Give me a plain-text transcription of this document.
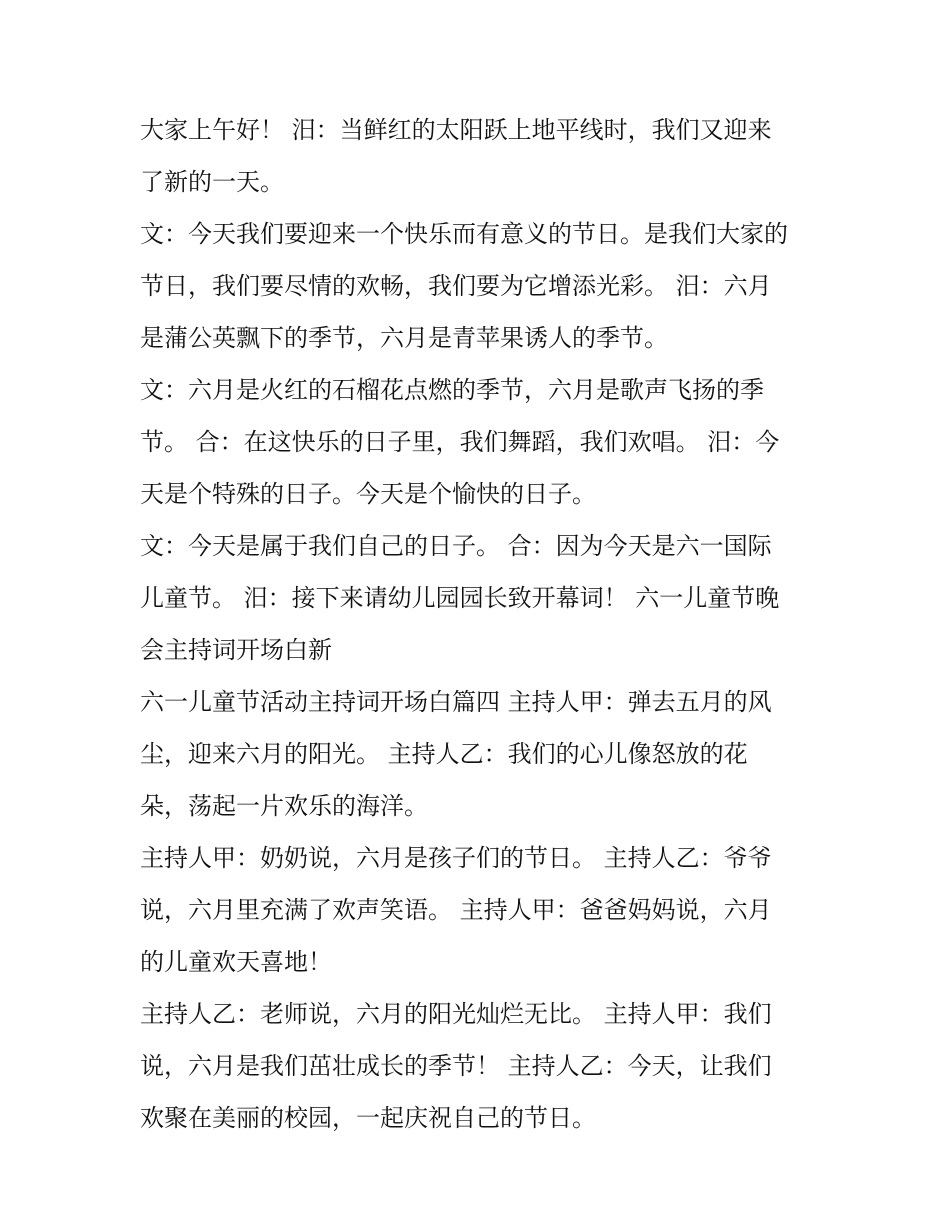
大家上午好！ 汨：当鲜红的太阳跃上地平线时，我们又迎来
了新的一天。
文：今天我们要迎来一个快乐而有意义的节日。是我们大家的
节日，我们要尽情的欢畅，我们要为它增添光彩。 汨：六月
是蒲公英飘下的季节，六月是青苹果诱人的季节。
文：六月是火红的石榴花点燃的季节，六月是歌声飞扬的季
节。 合：在这快乐的日子里，我们舞蹈，我们欢唱。 汨：今
天是个特殊的日子。今天是个愉快的日子。
文：今天是属于我们自己的日子。 合：因为今天是六一国际
儿童节。 汨：接下来请幼儿园园长致开幕词！ 六一儿童节晚
会主持词开场白新
六一儿童节活动主持词开场白篇四 主持人甲：弹去五月的风
尘，迎来六月的阳光。 主持人乙：我们的心儿像怒放的花
朵，荡起一片欢乐的海洋。
主持人甲：奶奶说，六月是孩子们的节日。 主持人乙：爷爷
说，六月里充满了欢声笑语。 主持人甲：爸爸妈妈说，六月
的儿童欢天喜地！
主持人乙：老师说，六月的阳光灿烂无比。 主持人甲：我们
说，六月是我们茁壮成长的季节！ 主持人乙：今天，让我们
欢聚在美丽的校园，一起庆祝自己的节日。
